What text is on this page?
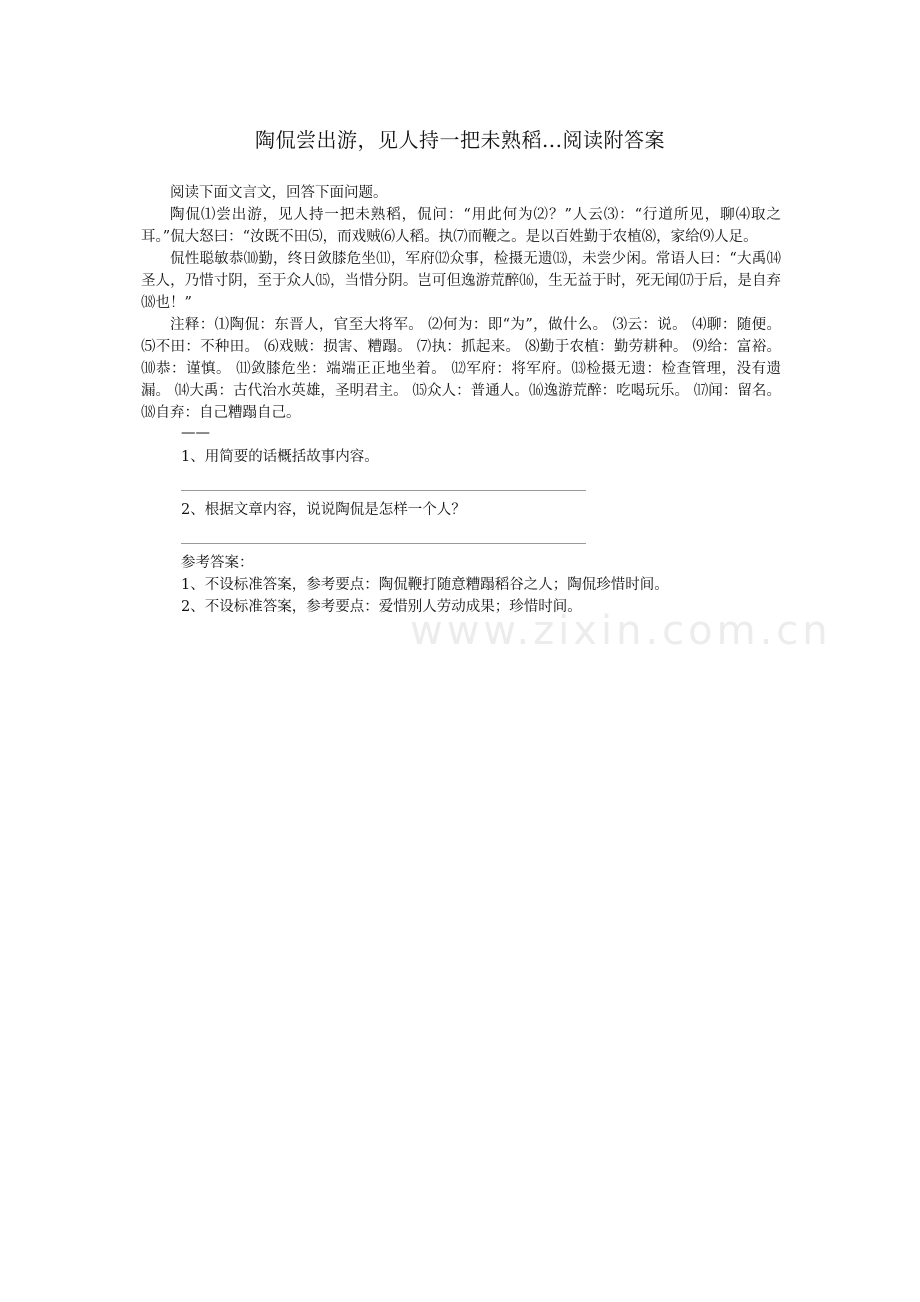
陶侃尝出游，见人持一把未熟稻...阅读附答案
www.zixin.com.cn

阅读下面文言文，回答下面问题。

陶侃⑴尝出游，见人持一把未熟稻，侃问：“用此何为⑵？”人云⑶：“行道所见，聊⑷取之耳。”侃大怒曰：“汝既不田⑸，而戏贼⑹人稻。执⑺而鞭之。是以百姓勤于农植⑻，家给⑼人足。

侃性聪敏恭⑽勤，终日敛膝危坐⑾，军府⑿众事，检摄无遗⒀，未尝少闲。常语人曰：“大禹⒁圣人，乃惜寸阴，至于众人⒂，当惜分阴。岂可但逸游荒醉⒃，生无益于时，死无闻⒄于后，是自弃⒅也！”

注释：⑴陶侃：东晋人，官至大将军。 ⑵何为：即“为”，做什么。 ⑶云：说。 ⑷聊：随便。 ⑸不田：不种田。 ⑹戏贼：损害、糟蹋。 ⑺执：抓起来。 ⑻勤于农植：勤劳耕种。 ⑼给：富裕。 ⑽恭：谨慎。 ⑾敛膝危坐：端端正正地坐着。 ⑿军府：将军府。⒀检摄无遗：检查管理，没有遗漏。 ⒁大禹：古代治水英雄，圣明君主。 ⒂众人：普通人。⒃逸游荒醉：吃喝玩乐。 ⒄闻：留名。 ⒅自弃：自己糟蹋自己。

——

1、用简要的话概括故事内容。

2、根据文章内容，说说陶侃是怎样一个人？

参考答案：

1、不设标准答案，参考要点：陶侃鞭打随意糟蹋稻谷之人；陶侃珍惜时间。

2、不设标准答案，参考要点：爱惜别人劳动成果；珍惜时间。
